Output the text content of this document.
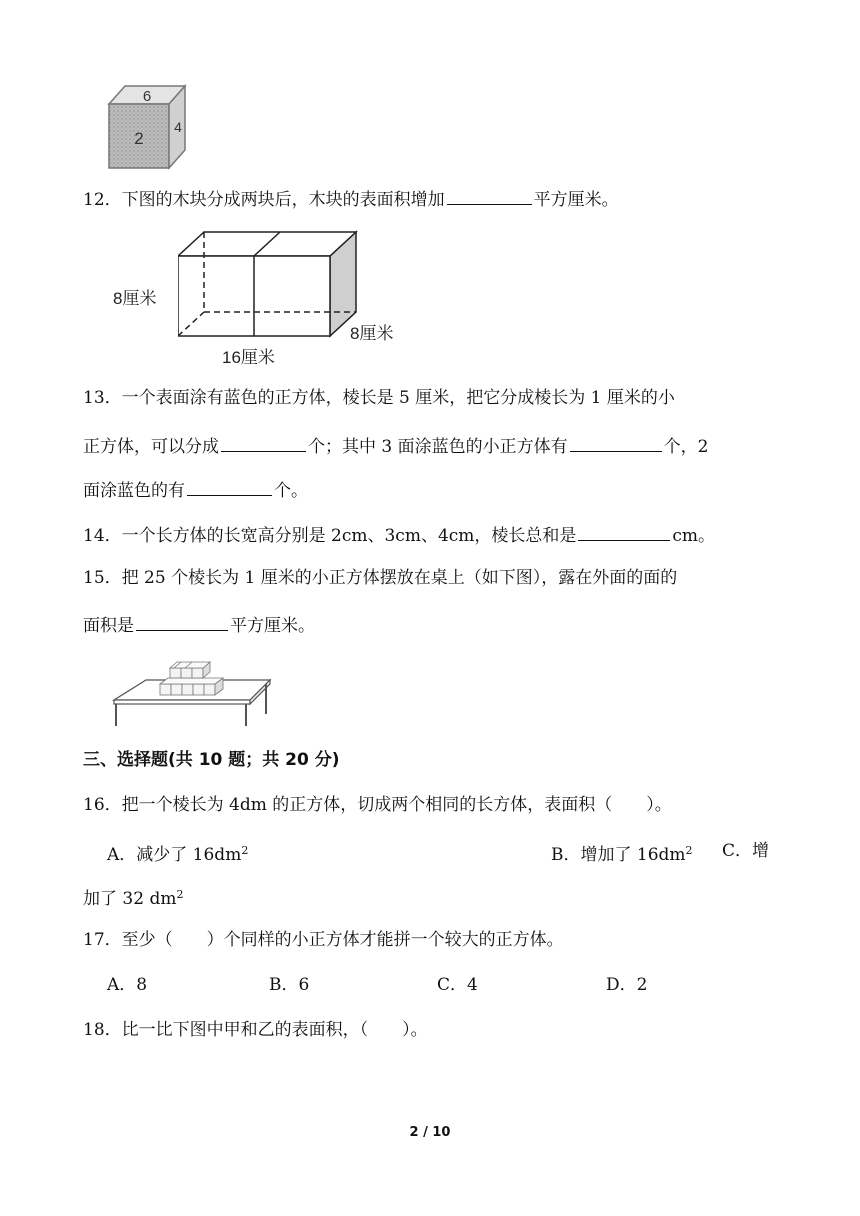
6
2
4
12．下图的木块分成两块后，木块的表面积增加	平方厘米。
8厘米
8厘米
16厘米
13．一个表面涂有蓝色的正方体，棱长是 5 厘米，把它分成棱长为 1 厘米的小
正方体，可以分成	个；其中 3 面涂蓝色的小正方体有	个，2
面涂蓝色的有	个。
14．一个长方体的长宽高分别是 2cm、3cm、4cm，棱长总和是	cm。
15．把 25 个棱长为 1 厘米的小正方体摆放在桌上（如下图），露在外面的面的
面积是	平方厘米。
三、选择题(共 10 题；共 20 分)
16．把一个棱长为 4dm 的正方体，切成两个相同的长方体，表面积（　　）。
A．减少了 $16dm^2$	B．增加了 $16dm^2$ C．增
加了 32 $dm^2$
17．至少（　　）个同样的小正方体才能拼一个较大的正方体。
A．8	B．6	C．4	D．2
18．比一比下图中甲和乙的表面积，（　　）。
2 / 10
